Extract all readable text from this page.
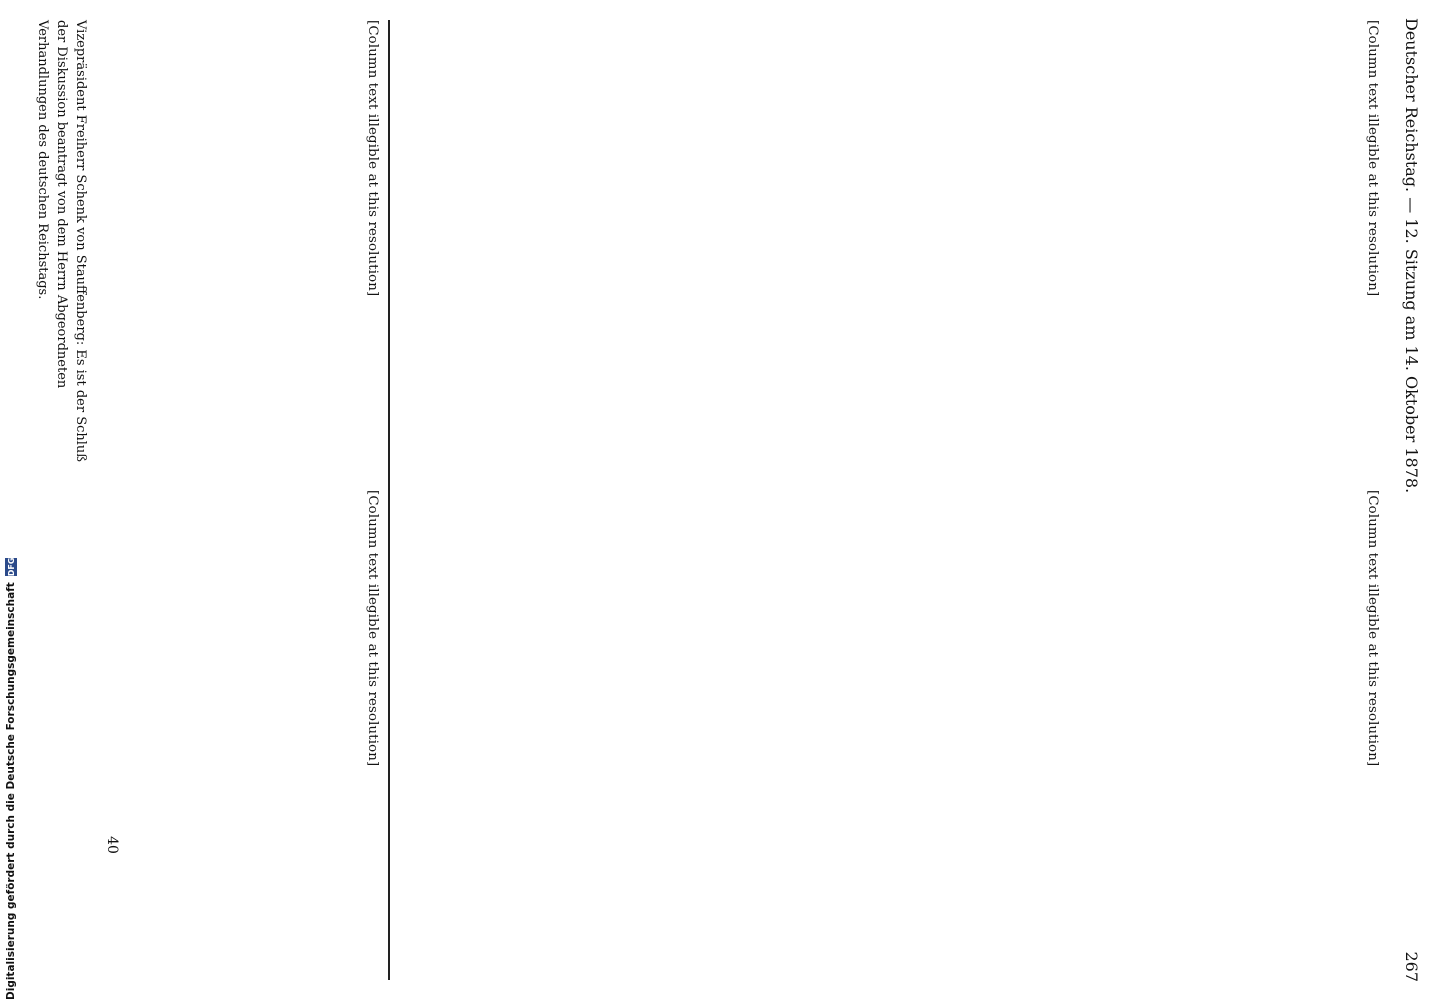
Deutscher Reichstag. — 12. Sitzung am 14. Oktober 1878.
267
[Column text illegible at this resolution]
[Column text illegible at this resolution]
[Column text illegible at this resolution]
[Column text illegible at this resolution]
Vizepräsident Freiherr Schenk von Stauffenberg: Es ist der Schluß der Diskussion beantragt von dem Herrn Abgeordneten Verhandlungen des deutschen Reichstags.
40
Digitalisierung gefördert durch die Deutsche Forschungsgemeinschaft
DFG
